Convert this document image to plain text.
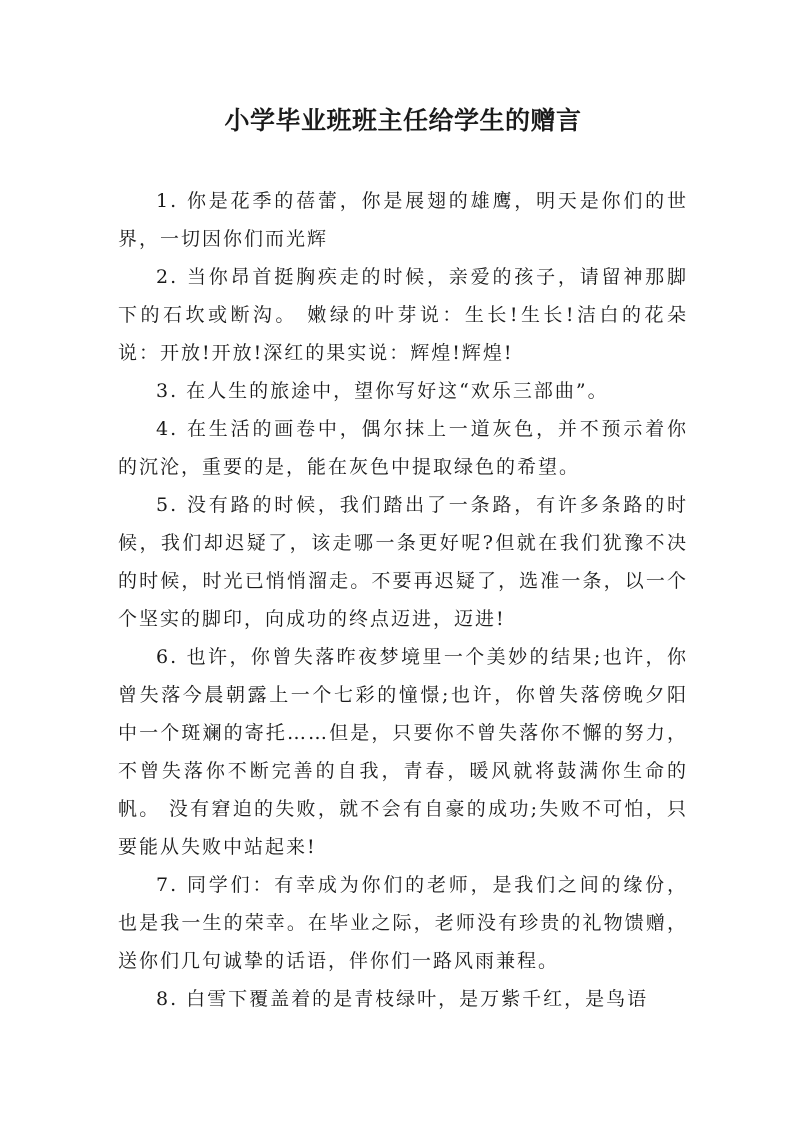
小学毕业班班主任给学生的赠言

1. 你是花季的蓓蕾，你是展翅的雄鹰，明天是你们的世界，一切因你们而光辉

2. 当你昂首挺胸疾走的时候，亲爱的孩子，请留神那脚下的石坎或断沟。 嫩绿的叶芽说：生长!生长!洁白的花朵说：开放!开放!深红的果实说：辉煌!辉煌!

3. 在人生的旅途中，望你写好这“欢乐三部曲”。

4. 在生活的画卷中，偶尔抹上一道灰色，并不预示着你的沉沦，重要的是，能在灰色中提取绿色的希望。

5. 没有路的时候，我们踏出了一条路，有许多条路的时候，我们却迟疑了，该走哪一条更好呢?但就在我们犹豫不决的时候，时光已悄悄溜走。不要再迟疑了，选准一条，以一个个坚实的脚印，向成功的终点迈进，迈进!

6. 也许，你曾失落昨夜梦境里一个美妙的结果;也许，你曾失落今晨朝露上一个七彩的憧憬;也许，你曾失落傍晚夕阳中一个斑斓的寄托……但是，只要你不曾失落你不懈的努力，不曾失落你不断完善的自我，青春，暖风就将鼓满你生命的帆。 没有窘迫的失败，就不会有自豪的成功;失败不可怕，只要能从失败中站起来!

7. 同学们：有幸成为你们的老师，是我们之间的缘份，也是我一生的荣幸。在毕业之际，老师没有珍贵的礼物馈赠，送你们几句诚挚的话语，伴你们一路风雨兼程。

8. 白雪下覆盖着的是青枝绿叶，是万紫千红，是鸟语
